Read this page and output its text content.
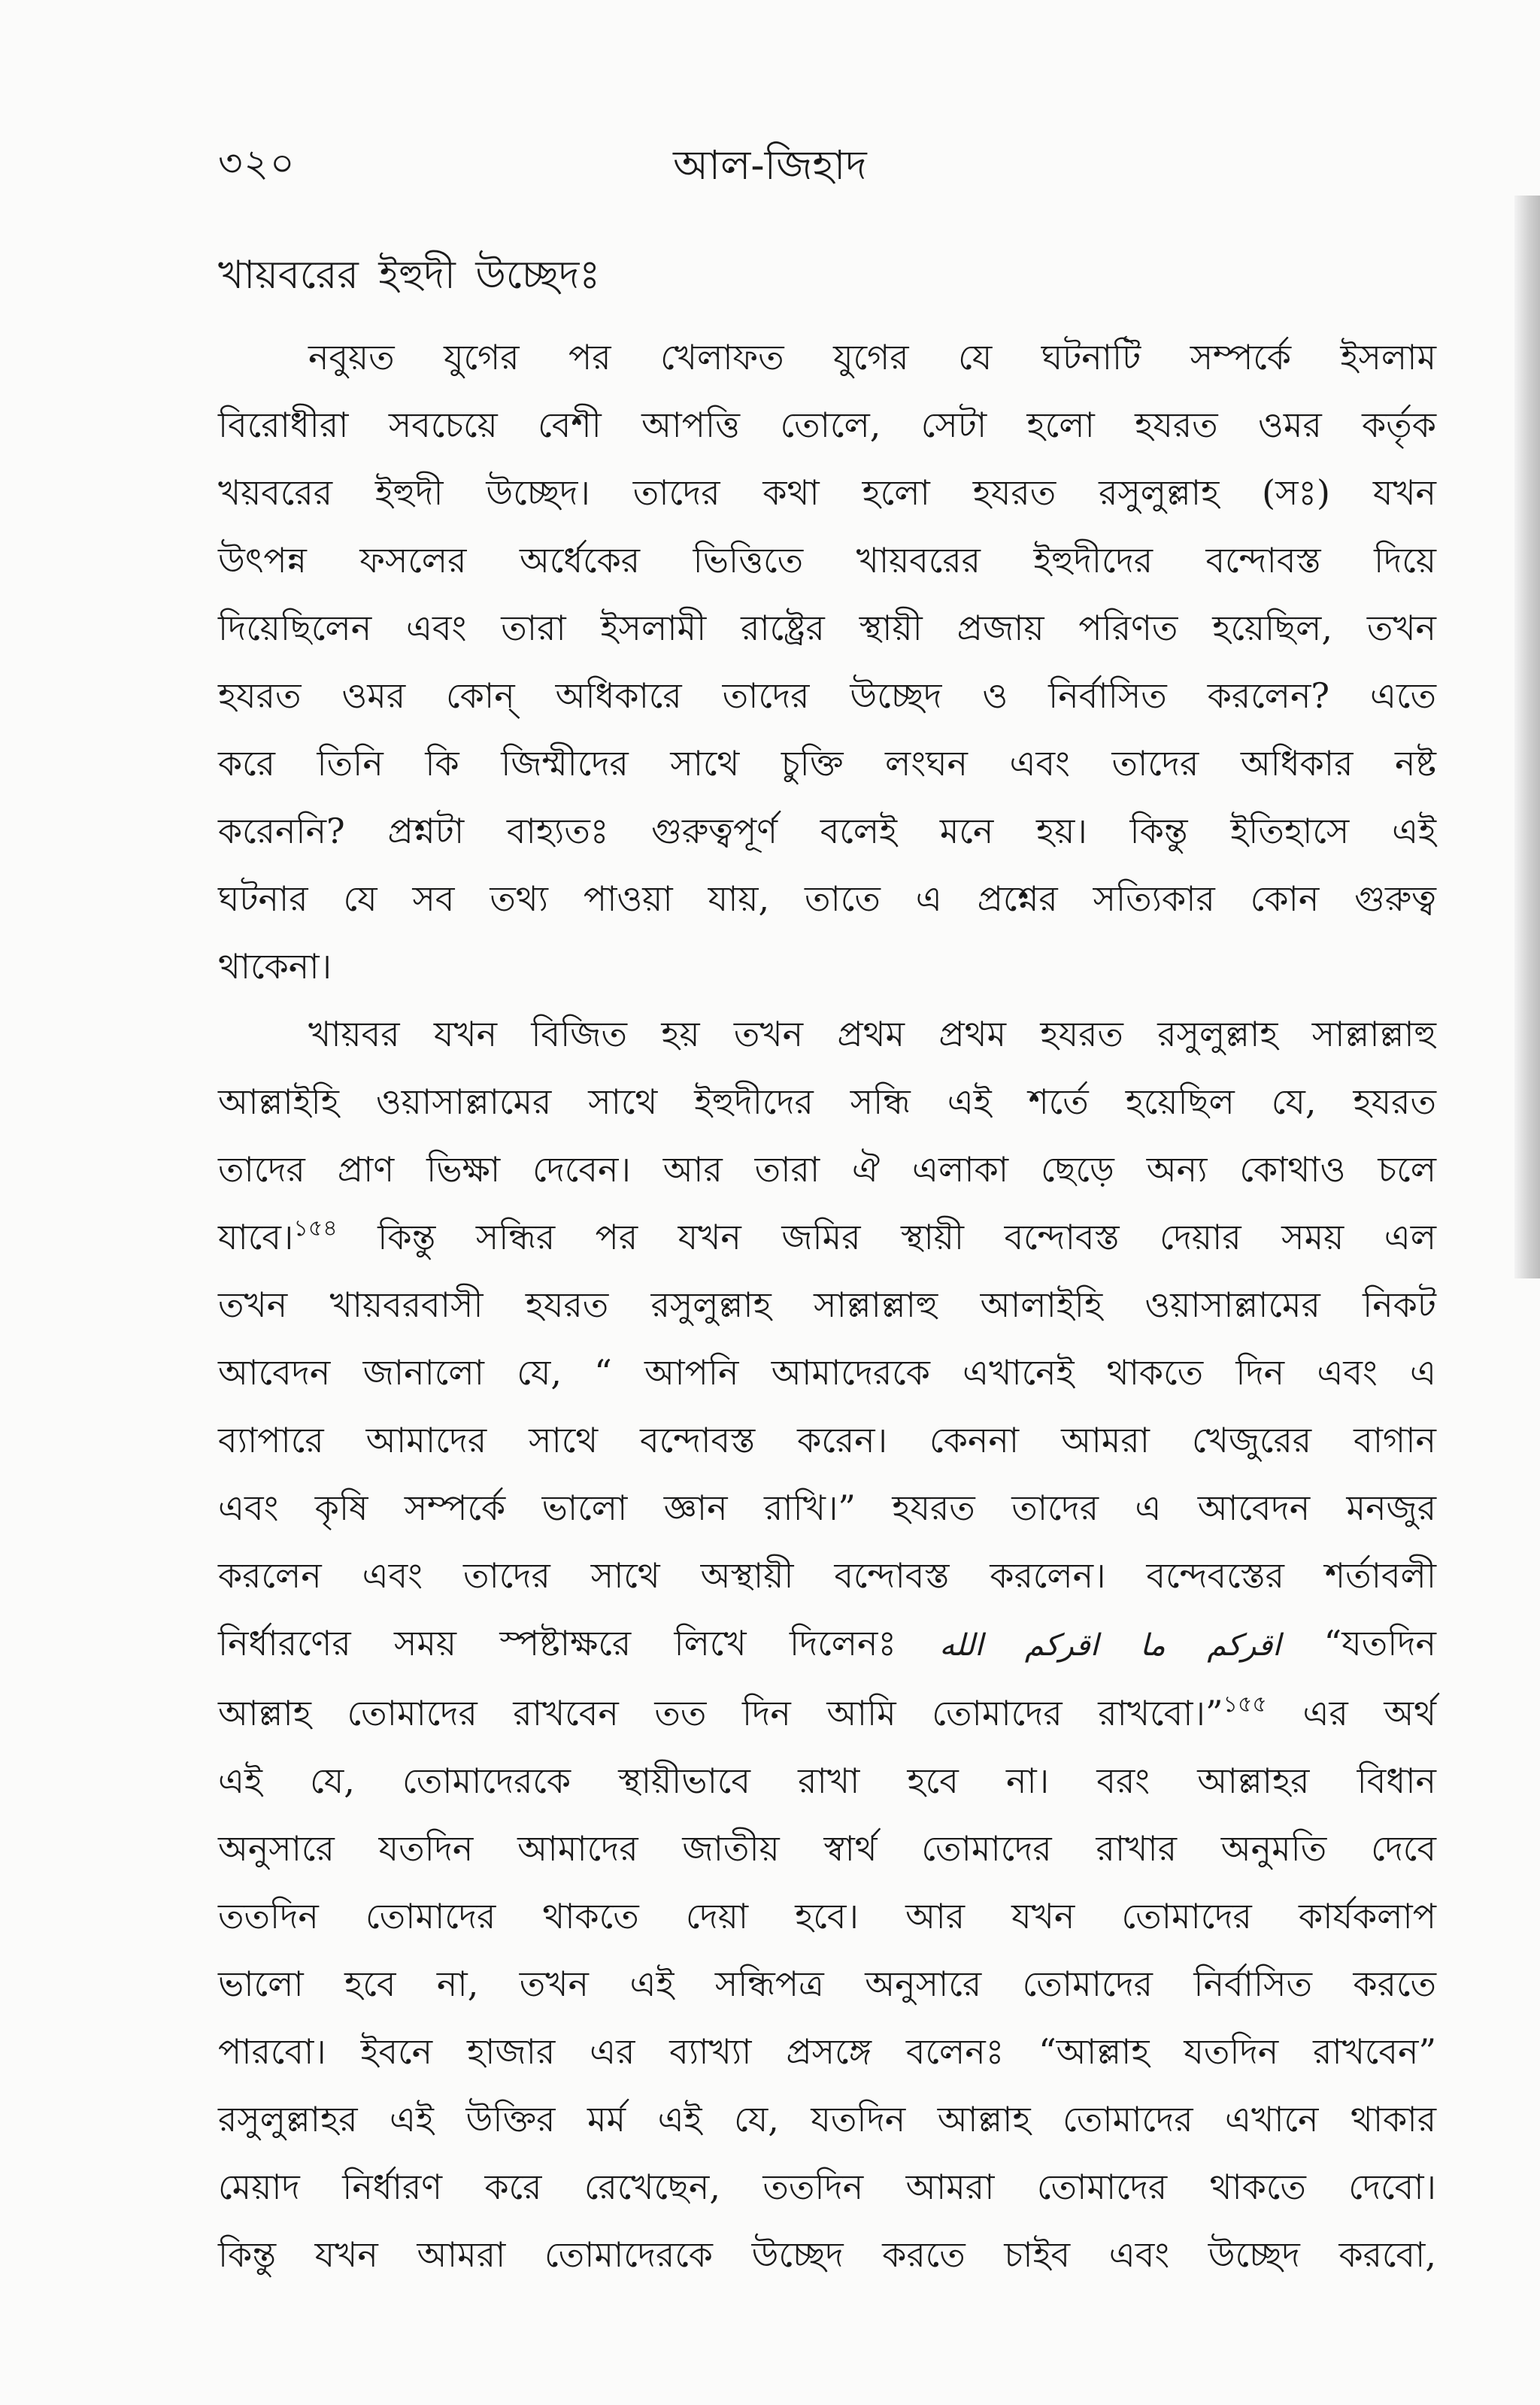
৩২০	আল-জিহাদ
খায়বরের ইহুদী উচ্ছেদঃ

নবুয়ত যুগের পর খেলাফত যুগের যে ঘটনাটি সম্পর্কে ইসলাম
বিরোধীরা সবচেয়ে বেশী আপত্তি তোলে, সেটা হলো হযরত ওমর কর্তৃক
খয়বরের ইহুদী উচ্ছেদ। তাদের কথা হলো হযরত রসুলুল্লাহ (সঃ) যখন
উৎপন্ন ফসলের অর্ধেকের ভিত্তিতে খায়বরের ইহুদীদের বন্দোবস্ত দিয়ে
দিয়েছিলেন এবং তারা ইসলামী রাষ্ট্রের স্থায়ী প্রজায় পরিণত হয়েছিল, তখন
হযরত ওমর কোন্ অধিকারে তাদের উচ্ছেদ ও নির্বাসিত করলেন? এতে
করে তিনি কি জিম্মীদের সাথে চুক্তি লংঘন এবং তাদের অধিকার নষ্ট
করেননি? প্রশ্নটা বাহ্যতঃ গুরুত্বপূর্ণ বলেই মনে হয়। কিন্তু ইতিহাসে এই
ঘটনার যে সব তথ্য পাওয়া যায়, তাতে এ প্রশ্নের সত্যিকার কোন গুরুত্ব
থাকেনা।

খায়বর যখন বিজিত হয় তখন প্রথম প্রথম হযরত রসুলুল্লাহ সাল্লাল্লাহু
আল্লাইহি ওয়াসাল্লামের সাথে ইহুদীদের সন্ধি এই শর্তে হয়েছিল যে, হযরত
তাদের প্রাণ ভিক্ষা দেবেন। আর তারা ঐ এলাকা ছেড়ে অন্য কোথাও চলে
যাবে।$^{১৫৪}$ কিন্তু সন্ধির পর যখন জমির স্থায়ী বন্দোবস্ত দেয়ার সময় এল
তখন খায়বরবাসী হযরত রসুলুল্লাহ সাল্লাল্লাহু আলাইহি ওয়াসাল্লামের নিকট
আবেদন জানালো যে, “ আপনি আমাদেরকে এখানেই থাকতে দিন এবং এ
ব্যাপারে আমাদের সাথে বন্দোবস্ত করেন। কেননা আমরা খেজুরের বাগান
এবং কৃষি সম্পর্কে ভালো জ্ঞান রাখি।” হযরত তাদের এ আবেদন মনজুর
করলেন এবং তাদের সাথে অস্থায়ী বন্দোবস্ত করলেন। বন্দেবস্তের শর্তাবলী
নির্ধারণের সময় স্পষ্টাক্ষরে লিখে দিলেনঃ اقركم ما اقركم الله “যতদিন
আল্লাহ তোমাদের রাখবেন তত দিন আমি তোমাদের রাখবো।”$^{১৫৫}$ এর অর্থ
এই যে, তোমাদেরকে স্থায়ীভাবে রাখা হবে না। বরং আল্লাহর বিধান
অনুসারে যতদিন আমাদের জাতীয় স্বার্থ তোমাদের রাখার অনুমতি দেবে
ততদিন তোমাদের থাকতে দেয়া হবে। আর যখন তোমাদের কার্যকলাপ
ভালো হবে না, তখন এই সন্ধিপত্র অনুসারে তোমাদের নির্বাসিত করতে
পারবো। ইবনে হাজার এর ব্যাখ্যা প্রসঙ্গে বলেনঃ “আল্লাহ যতদিন রাখবেন”
রসুলুল্লাহর এই উক্তির মর্ম এই যে, যতদিন আল্লাহ তোমাদের এখানে থাকার
মেয়াদ নির্ধারণ করে রেখেছেন, ততদিন আমরা তোমাদের থাকতে দেবো।
কিন্তু যখন আমরা তোমাদেরকে উচ্ছেদ করতে চাইব এবং উচ্ছেদ করবো,
